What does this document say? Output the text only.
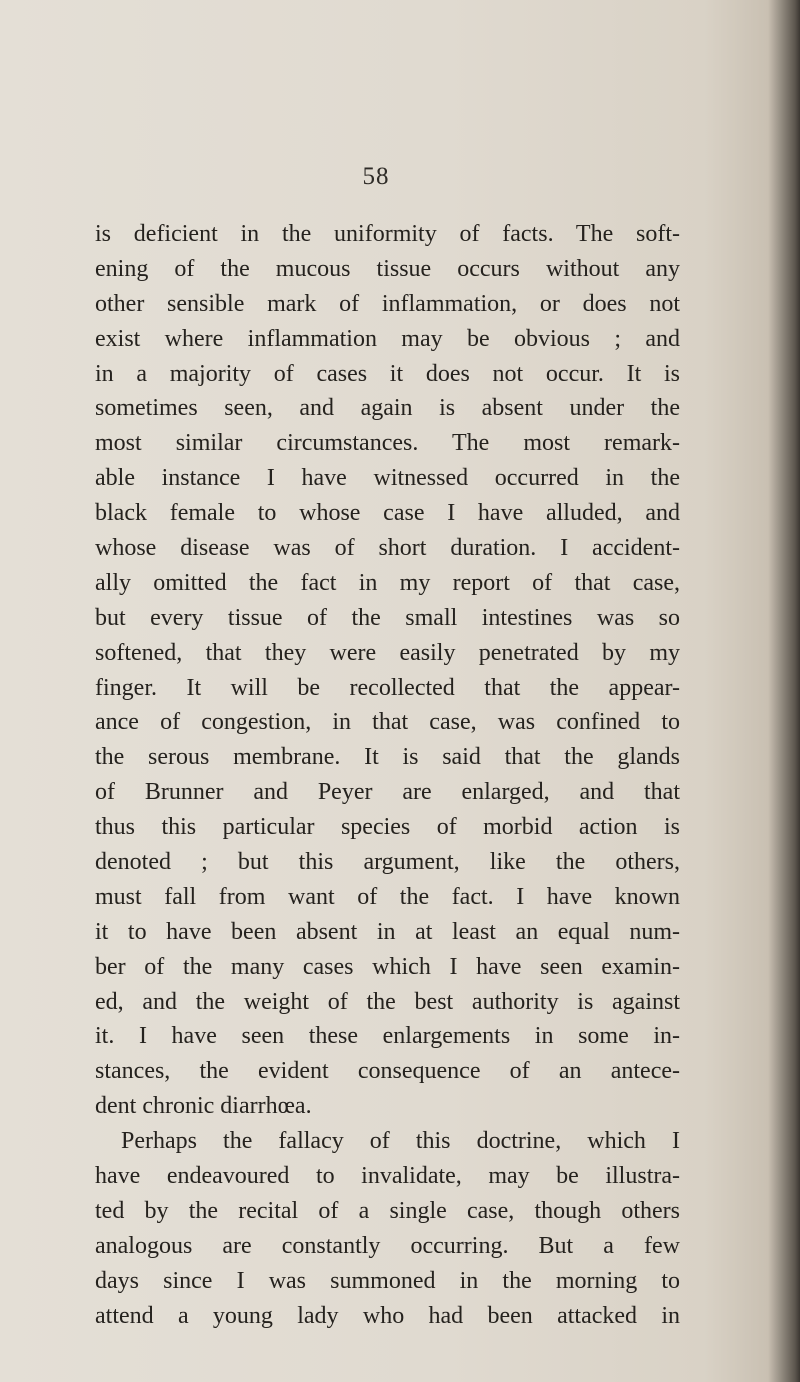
58
is deficient in the uniformity of facts. The soft-
ening of the mucous tissue occurs without any
other sensible mark of inflammation, or does not
exist where inflammation may be obvious ; and
in a majority of cases it does not occur. It is
sometimes seen, and again is absent under the
most similar circumstances. The most remark-
able instance I have witnessed occurred in the
black female to whose case I have alluded, and
whose disease was of short duration. I accident-
ally omitted the fact in my report of that case,
but every tissue of the small intestines was so
softened, that they were easily penetrated by my
finger. It will be recollected that the appear-
ance of congestion, in that case, was confined to
the serous membrane. It is said that the glands
of Brunner and Peyer are enlarged, and that
thus this particular species of morbid action is
denoted ; but this argument, like the others,
must fall from want of the fact. I have known
it to have been absent in at least an equal num-
ber of the many cases which I have seen examin-
ed, and the weight of the best authority is against
it. I have seen these enlargements in some in-
stances, the evident consequence of an antece-
dent chronic diarrhœa.
Perhaps the fallacy of this doctrine, which I
have endeavoured to invalidate, may be illustra-
ted by the recital of a single case, though others
analogous are constantly occurring. But a few
days since I was summoned in the morning to
attend a young lady who had been attacked in
